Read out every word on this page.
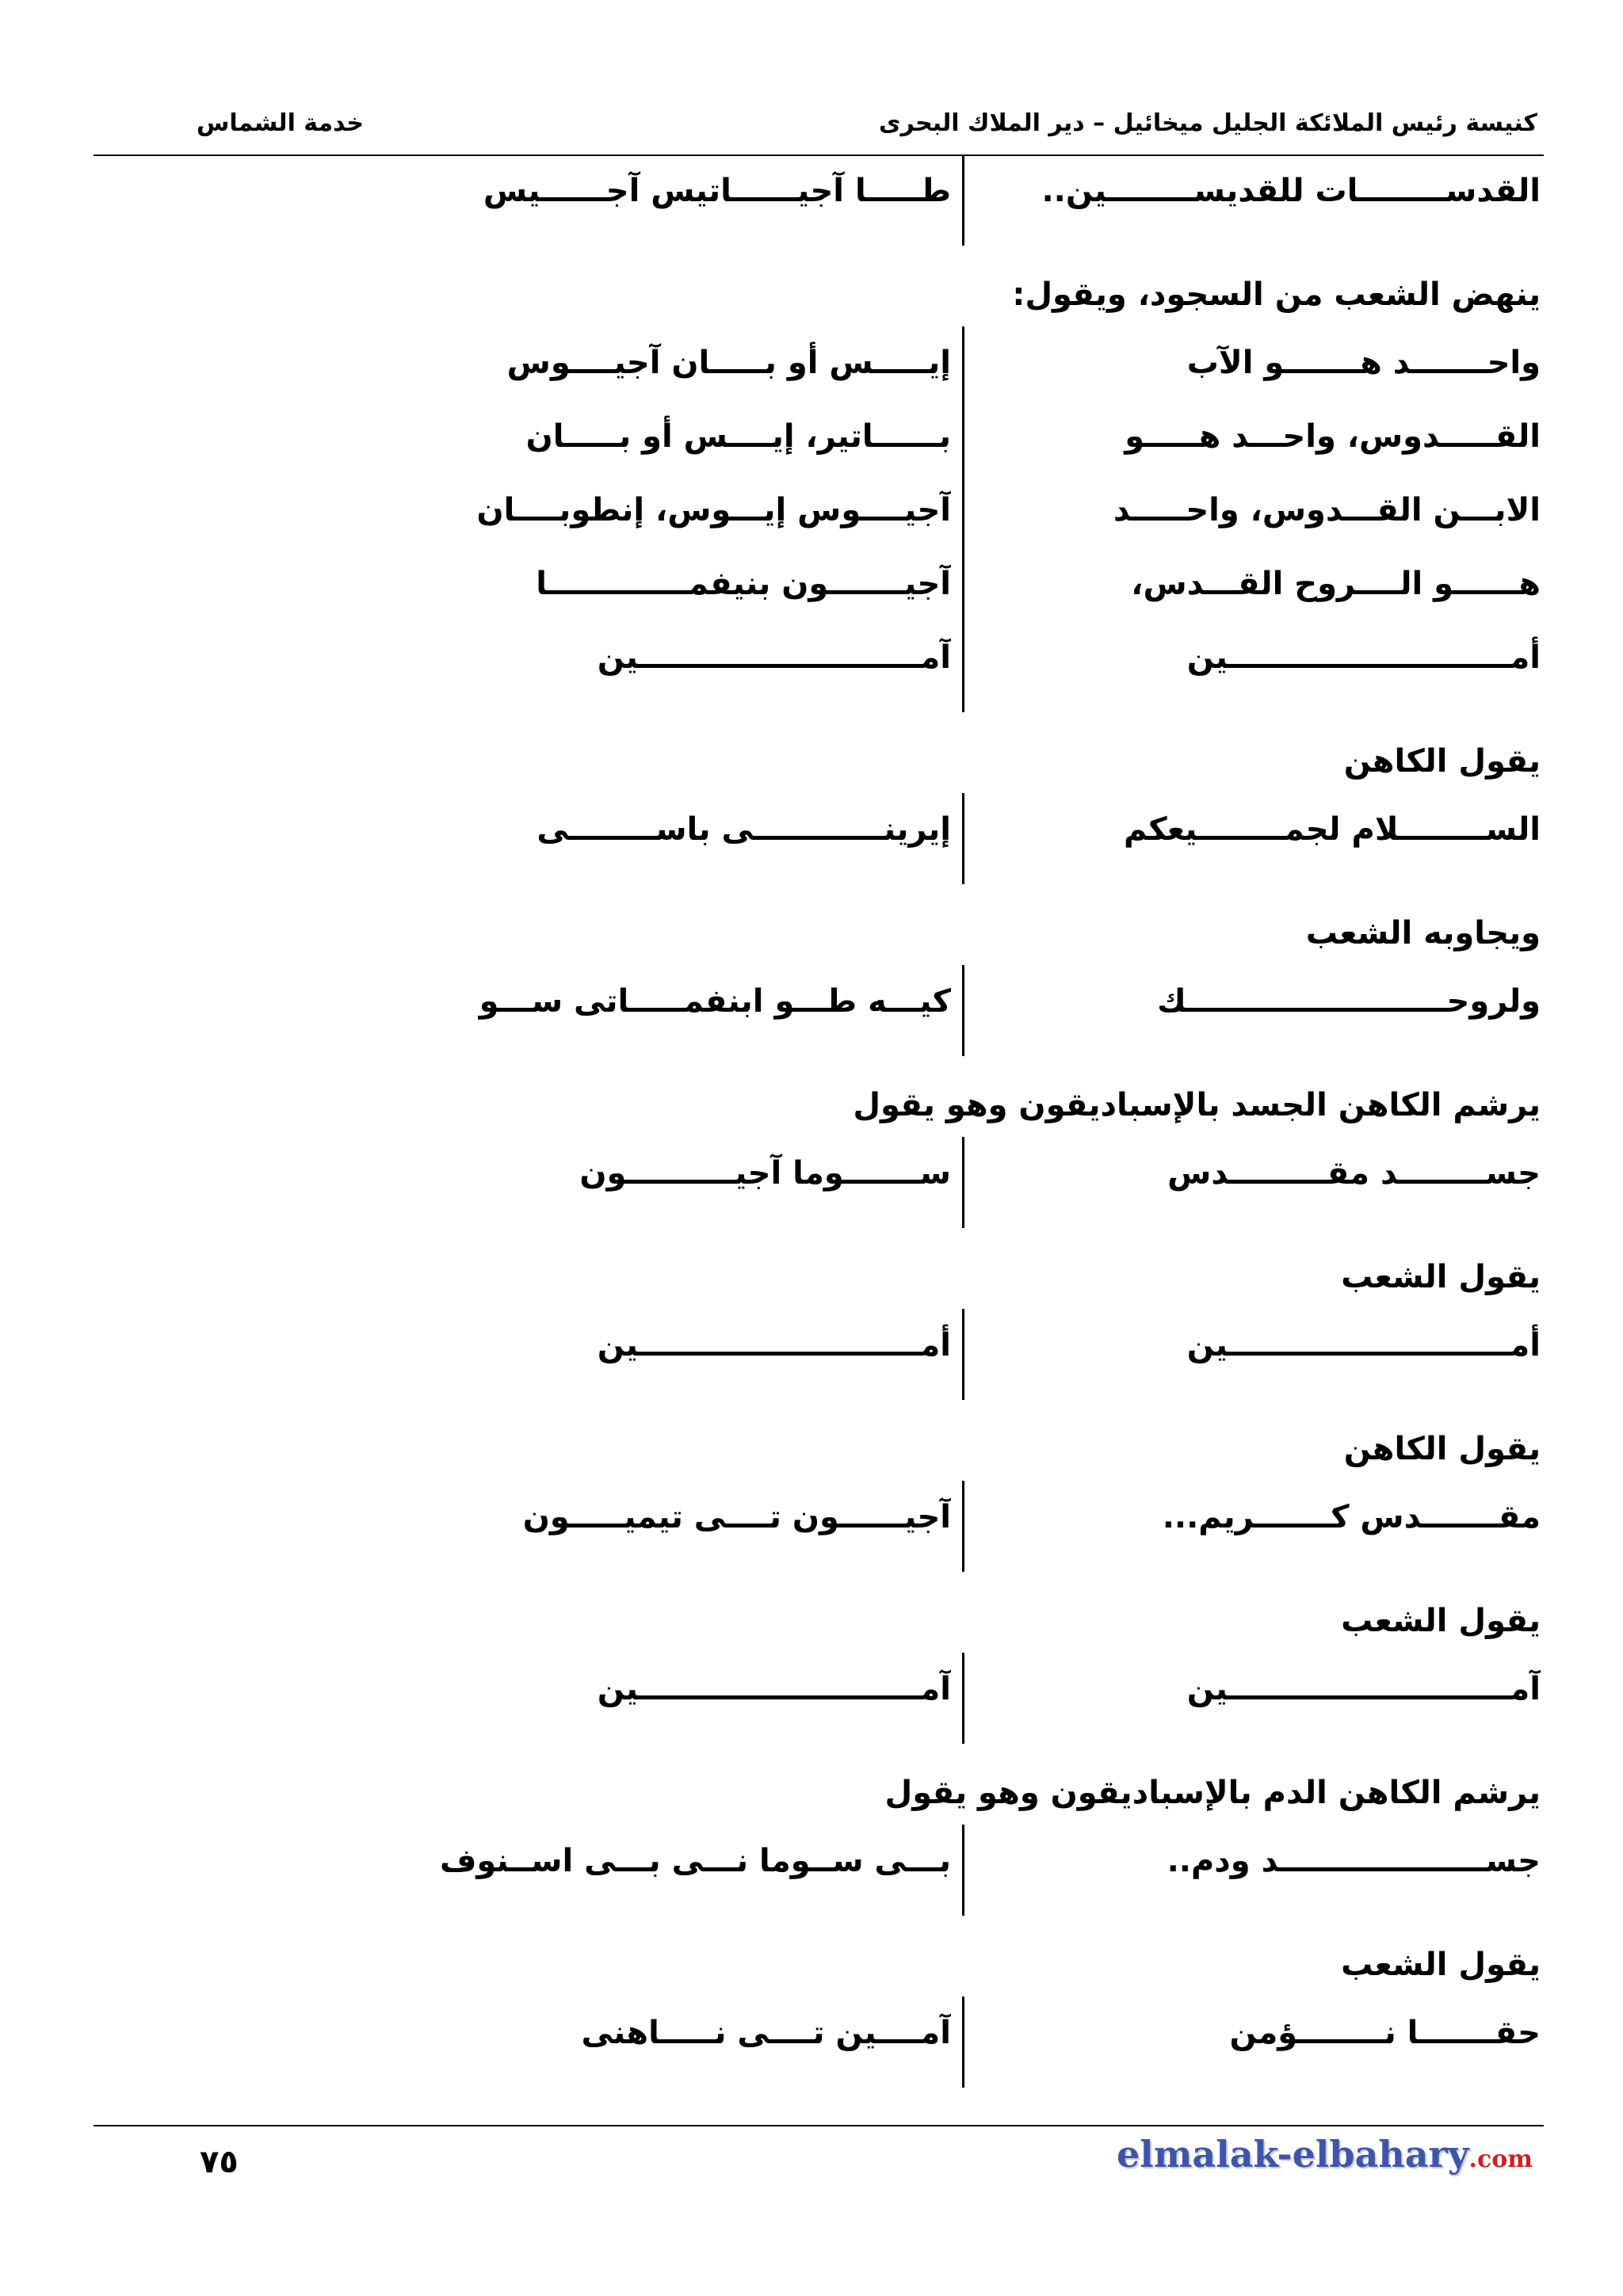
كنيسة رئيس الملائكة الجليل ميخائيل – دير الملاك البحرى
خدمة الشماس
القدســــــــات للقديســــــــين..
طـــــا آجيــــــاتيس آجــــــيس
ينهض الشعب من السجود، ويقول:
واحـــــــد هـــــــو الآب
إيـــــس أو بـــــان آجيــــوس
القـــــدوس، واحـــد هـــــو
بــــــاتير، إيــــس أو بـــــان
الابـــن القـــدوس، واحـــــد
آجيــــوس إيـــوس، إنطوبــــان
هــــــو الــــروح القـــدس،
آجيـــــــون بنيفمـــــــــــــا
أمــــــــــــــــــــــــــين
آمــــــــــــــــــــــــــين
يقول الكاهن
الســــــــلام لجمــــــــيعكم
إيرينــــــــــــى باســــــــى
ويجاوبه الشعب
ولروحــــــــــــــــــــــــك
كيـــه طـــو ابنفمـــــاتى ســـو
يرشم الكاهن الجسد بالإسباديقون وهو يقول
جســــــــد مقـــــــــدس
ســـــــوما آجيــــــــــون
يقول الشعب
أمــــــــــــــــــــــــــين
أمــــــــــــــــــــــــــين
يقول الكاهن
مقـــــــدس كـــــــريم...
آجيــــــون تــــى تيميـــــون
يقول الشعب
آمــــــــــــــــــــــــــين
آمــــــــــــــــــــــــــين
يرشم الكاهن الدم بالإسباديقون وهو يقول
جســـــــــــــــــــد ودم..
بـــى ســوما نـــى بـــى اســنوف
يقول الشعب
حقـــــــا نــــــــؤمن
آمــــين تــــى نـــــاهنى
٧٥	elmalak-elbahary.com
